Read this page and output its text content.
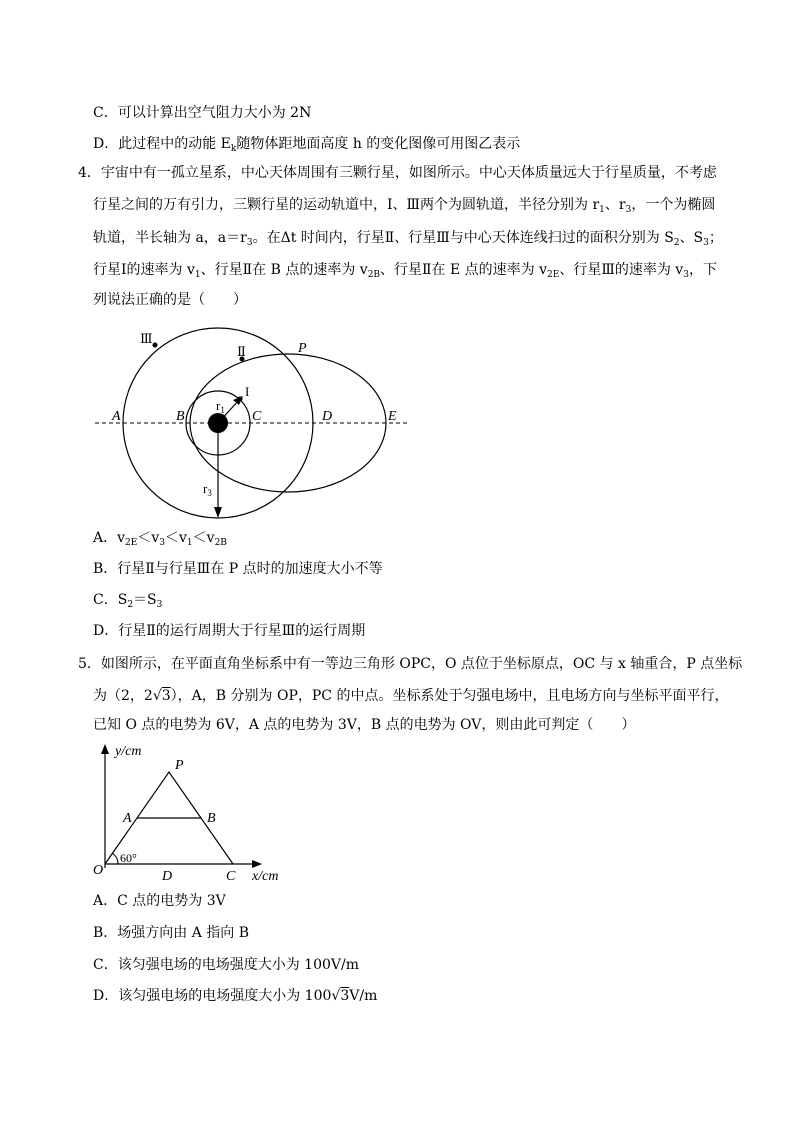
C．可以计算出空气阻力大小为 2N
D．此过程中的动能 $E_k$随物体距地面高度 h 的变化图像可用图乙表示
4．宇宙中有一孤立星系，中心天体周围有三颗行星，如图所示。中心天体质量远大于行星质量，不考虑
行星之间的万有引力，三颗行星的运动轨道中，Ⅰ、Ⅲ两个为圆轨道，半径分别为 $r_1$、$r_3$，一个为椭圆
轨道，半长轴为 a，$a=r_3$。在Δt 时间内，行星Ⅱ、行星Ⅲ与中心天体连线扫过的面积分别为 $S_2$、$S_3$；
行星Ⅰ的速率为 $v_1$、行星Ⅱ在 B 点的速率为 $v_{2B}$、行星Ⅱ在 E 点的速率为 $v_{2E}$、行星Ⅲ的速率为 $v_3$，下
列说法正确的是（　　）
Ⅲ
Ⅱ
I
P
A	B	C	D	E
$r_1$
$r_3$
A．$v_{2E}<v_3<v_1<v_{2B}$
B．行星Ⅱ与行星Ⅲ在 P 点时的加速度大小不等
C．$S_2=S_3$
D．行星Ⅱ的运行周期大于行星Ⅲ的运行周期
5．如图所示，在平面直角坐标系中有一等边三角形 OPC，O 点位于坐标原点，OC 与 x 轴重合，P 点坐标
为（2，2√3），A，B 分别为 OP，PC 的中点。坐标系处于匀强电场中，且电场方向与坐标平面平行，
已知 O 点的电势为 6V，A 点的电势为 3V，B 点的电势为 OV，则由此可判定（　　）
y/cm
x/cm
P
A	B
O	D	C
60°
A．C 点的电势为 3V
B．场强方向由 A 指向 B
C．该匀强电场的电场强度大小为 100V/m
D．该匀强电场的电场强度大小为 100√3V/m
